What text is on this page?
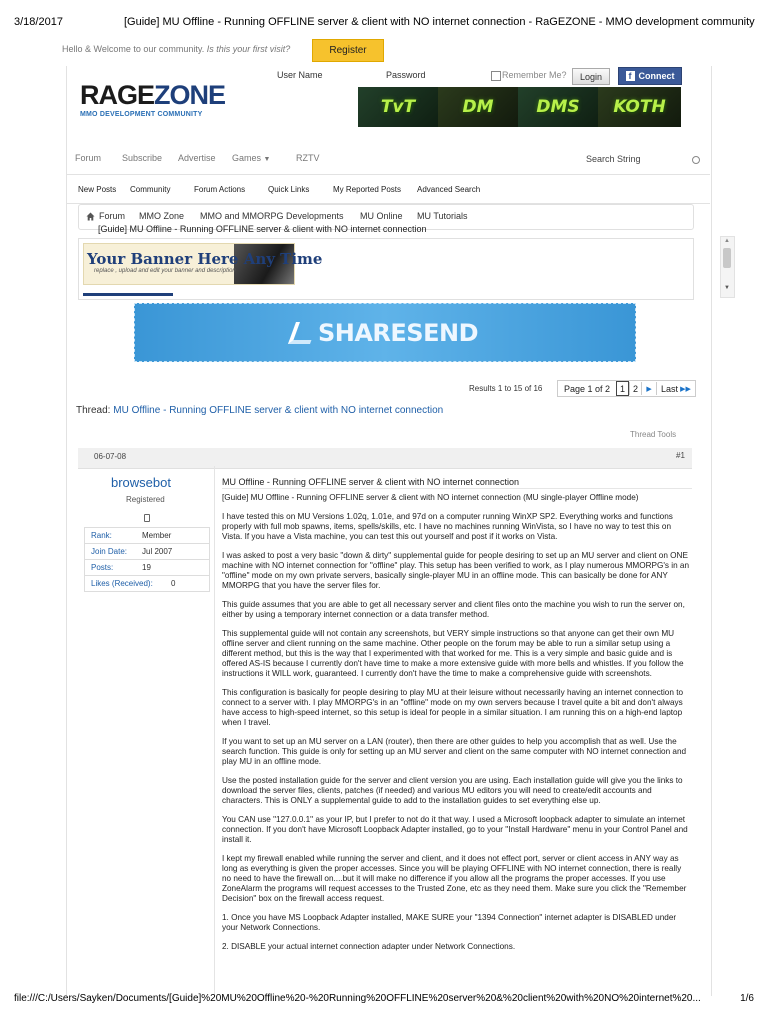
3/18/2017	[Guide] MU Offline - Running OFFLINE server & client with NO internet connection - RaGEZONE - MMO development community
Hello & Welcome to our community. Is this your first visit?	Register
RAGEZONE
MMO DEVELOPMENT COMMUNITY
User Name	Password	Remember Me?	Login	f Connect
TvT	DM	DMS	KOTH
Forum Subscribe Advertise Games ▼	RZTV	Search String
New Posts Community	Forum Actions	Quick Links	My Reported Posts Advanced Search
Forum MMO Zone MMO and MMORPG Developments MU Online MU Tutorials
[Guide] MU Offline - Running OFFLINE server & client with NO internet connection
Your Banner Here Any Time
replace , upload and edit your banner and description
SHARESEND
▲
▼
Results 1 to 15 of 16	Page 1 of 2	1 2	▶	Last ▶▶
Thread: MU Offline - Running OFFLINE server & client with NO internet connection
Thread Tools
06-07-08	#1
browsebot
Registered
Rank:	Member
Join Date: Jul 2007
Posts:	19
Likes (Received): 0
MU Offline - Running OFFLINE server & client with NO internet connection

[Guide] MU Offline - Running OFFLINE server & client with NO internet connection (MU single-player Offline mode)

I have tested this on MU Versions 1.02q, 1.01e, and 97d on a computer running WinXP SP2. Everything works and functions properly with full mob spawns, items, spells/skills, etc. I have no machines running WinVista, so I have no way to test this on Vista. If you have a Vista machine, you can test this out yourself and post if it works on Vista.

I was asked to post a very basic "down & dirty" supplemental guide for people desiring to set up an MU server and client on ONE machine with NO internet connection for "offline" play. This setup has been verified to work, as I play numerous MMORPG's in an "offline" mode on my own private servers, basically single-player MU in an offline mode. This can basically be done for ANY MMORPG that you have the server files for.

This guide assumes that you are able to get all necessary server and client files onto the machine you wish to run the server on, either by using a temporary internet connection or a data transfer method.

This supplemental guide will not contain any screenshots, but VERY simple instructions so that anyone can get their own MU offline server and client running on the same machine. Other people on the forum may be able to run a similar setup using a different method, but this is the way that I experimented with that worked for me. This is a very simple and basic guide and is offered AS-IS because I currently don't have time to make a more extensive guide with more bells and whistles. If you follow the instructions it WILL work, guaranteed. I currently don't have the time to make a comprehensive guide with screenshots.

This configuration is basically for people desiring to play MU at their leisure without necessarily having an internet connection to connect to a server with. I play MMORPG's in an "offline" mode on my own servers because I travel quite a bit and don't always have access to high-speed internet, so this setup is ideal for people in a similar situation. I am running this on a high-end laptop when I travel.

If you want to set up an MU server on a LAN (router), then there are other guides to help you accomplish that as well. Use the search function. This guide is only for setting up an MU server and client on the same computer with NO internet connection and play MU in an offline mode.

Use the posted installation guide for the server and client version you are using. Each installation guide will give you the links to download the server files, clients, patches (if needed) and various MU editors you will need to create/edit accounts and characters. This is ONLY a supplemental guide to add to the installation guides to set everything else up.

You CAN use "127.0.0.1" as your IP, but I prefer to not do it that way. I used a Microsoft loopback adapter to simulate an internet connection. If you don't have Microsoft Loopback Adapter installed, go to your "Install Hardware" menu in your Control Panel and install it.

I kept my firewall enabled while running the server and client, and it does not effect port, server or client access in ANY way as long as everything is given the proper accesses. Since you will be playing OFFLINE with NO internet connection, there is really no need to have the firewall on....but it will make no difference if you allow all the programs the proper accesses. If you use ZoneAlarm the programs will request accesses to the Trusted Zone, etc as they need them. Make sure you click the "Remember Decision" box on the firewall access request.

1. Once you have MS Loopback Adapter installed, MAKE SURE your "1394 Connection" internet adapter is DISABLED under your Network Connections.

2. DISABLE your actual internet connection adapter under Network Connections.

file:///C:/Users/Sayken/Documents/[Guide]%20MU%20Offline%20-%20Running%20OFFLINE%20server%20&%20client%20with%20NO%20internet%20...	1/6
